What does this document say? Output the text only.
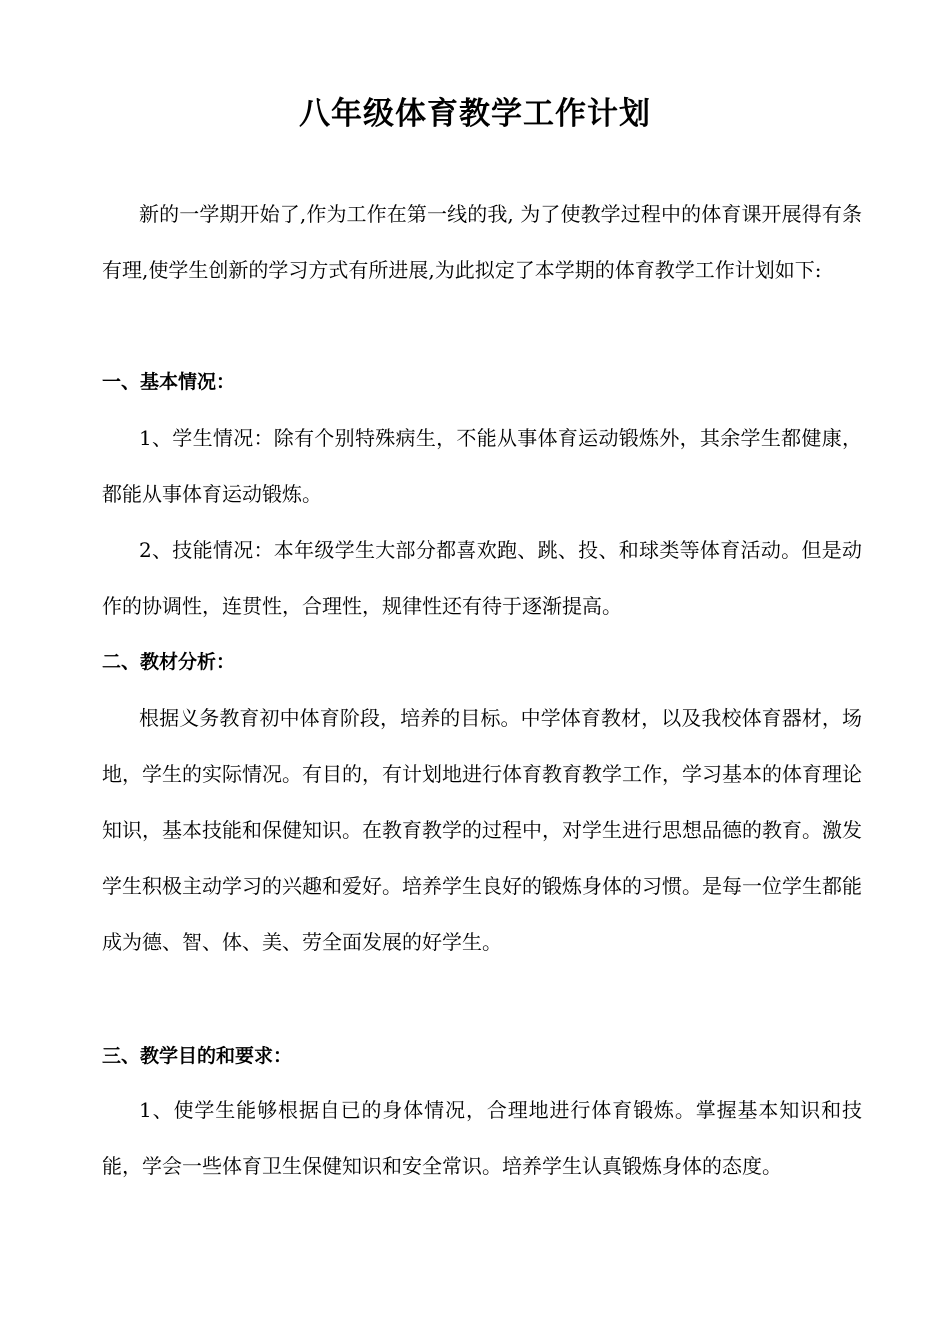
八年级体育教学工作计划

新的一学期开始了,作为工作在第一线的我, 为了使教学过程中的体育课开展得有条有理,使学生创新的学习方式有所进展,为此拟定了本学期的体育教学工作计划如下:

一、基本情况：

1、学生情况：除有个别特殊病生，不能从事体育运动锻炼外，其余学生都健康，都能从事体育运动锻炼。

2、技能情况：本年级学生大部分都喜欢跑、跳、投、和球类等体育活动。但是动作的协调性，连贯性，合理性，规律性还有待于逐渐提高。

二、教材分析：

根据义务教育初中体育阶段，培养的目标。中学体育教材，以及我校体育器材，场地，学生的实际情况。有目的，有计划地进行体育教育教学工作，学习基本的体育理论知识，基本技能和保健知识。在教育教学的过程中，对学生进行思想品德的教育。激发学生积极主动学习的兴趣和爱好。培养学生良好的锻炼身体的习惯。是每一位学生都能成为德、智、体、美、劳全面发展的好学生。

三、教学目的和要求：

1、使学生能够根据自已的身体情况，合理地进行体育锻炼。掌握基本知识和技能，学会一些体育卫生保健知识和安全常识。培养学生认真锻炼身体的态度。
